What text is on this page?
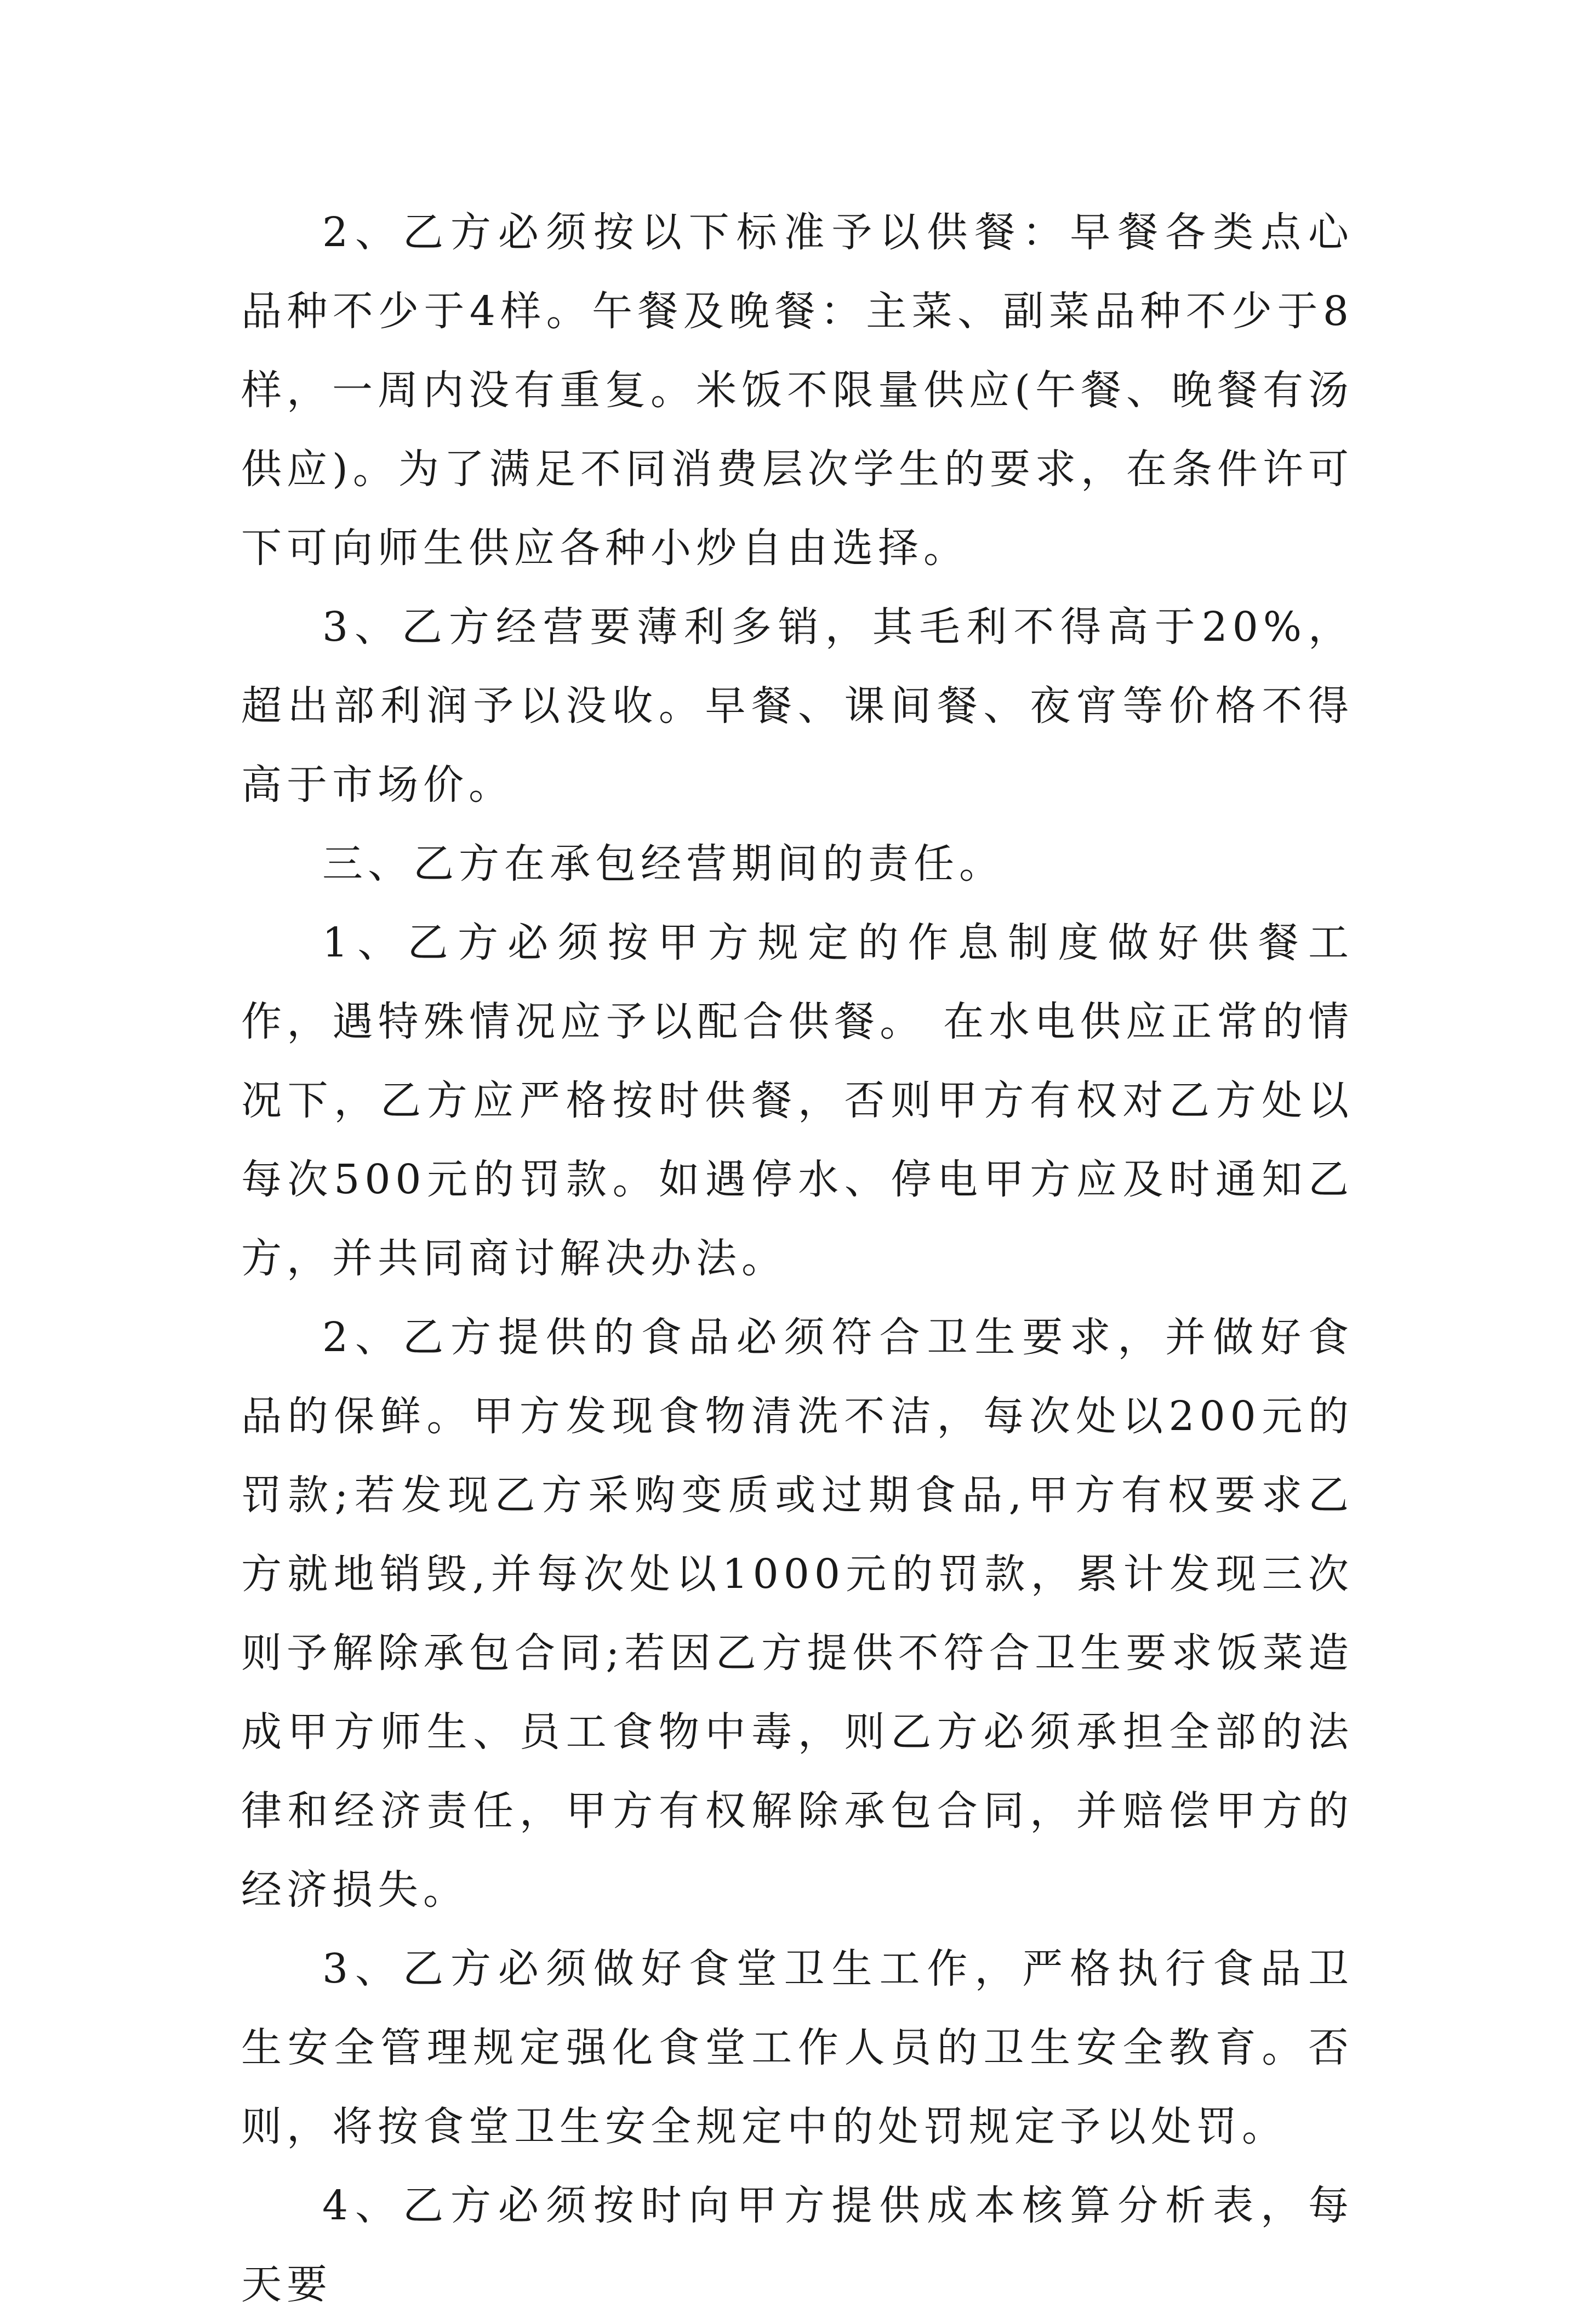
2、乙方必须按以下标准予以供餐：早餐各类点心品种不少于4样。午餐及晚餐：主菜、副菜品种不少于8样，一周内没有重复。米饭不限量供应(午餐、晚餐有汤供应)。为了满足不同消费层次学生的要求，在条件许可下可向师生供应各种小炒自由选择。

3、乙方经营要薄利多销，其毛利不得高于20%，超出部利润予以没收。早餐、课间餐、夜宵等价格不得高于市场价。

三、乙方在承包经营期间的责任。

1、乙方必须按甲方规定的作息制度做好供餐工作，遇特殊情况应予以配合供餐。 在水电供应正常的情况下，乙方应严格按时供餐，否则甲方有权对乙方处以每次500元的罚款。如遇停水、停电甲方应及时通知乙方，并共同商讨解决办法。

2、乙方提供的食品必须符合卫生要求，并做好食品的保鲜。甲方发现食物清洗不洁，每次处以200元的罚款;若发现乙方采购变质或过期食品,甲方有权要求乙方就地销毁,并每次处以1000元的罚款，累计发现三次则予解除承包合同;若因乙方提供不符合卫生要求饭菜造成甲方师生、员工食物中毒，则乙方必须承担全部的法律和经济责任，甲方有权解除承包合同，并赔偿甲方的经济损失。

3、乙方必须做好食堂卫生工作，严格执行食品卫生安全管理规定强化食堂工作人员的卫生安全教育。否则，将按食堂卫生安全规定中的处罚规定予以处罚。

4、乙方必须按时向甲方提供成本核算分析表，每天要
